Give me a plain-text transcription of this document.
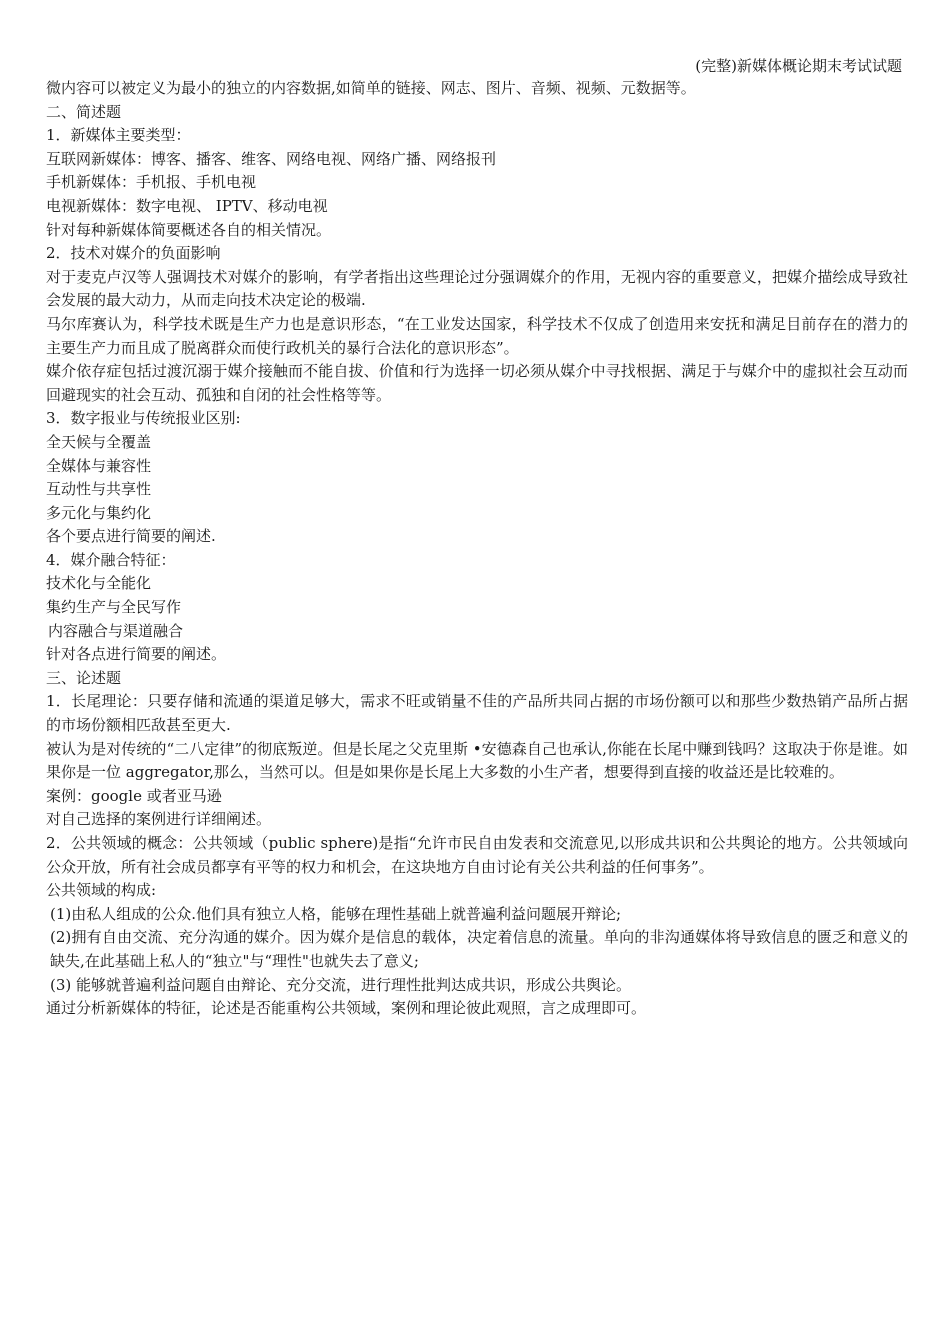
(完整)新媒体概论期末考试试题

微内容可以被定义为最小的独立的内容数据,如简单的链接、网志、图片、音频、视频、元数据等。

二、简述题

1．新媒体主要类型：

互联网新媒体：博客、播客、维客、网络电视、网络广播、网络报刊

手机新媒体：手机报、手机电视

电视新媒体：数字电视、 IPTV、移动电视

针对每种新媒体简要概述各自的相关情况。

2．技术对媒介的负面影响

对于麦克卢汉等人强调技术对媒介的影响，有学者指出这些理论过分强调媒介的作用，无视内容的重要意义，把媒介描绘成导致社会发展的最大动力，从而走向技术决定论的极端.

马尔库赛认为，科学技术既是生产力也是意识形态，“在工业发达国家，科学技术不仅成了创造用来安抚和满足目前存在的潜力的主要生产力而且成了脱离群众而使行政机关的暴行合法化的意识形态”。

媒介依存症包括过渡沉溺于媒介接触而不能自拔、价值和行为选择一切必须从媒介中寻找根据、满足于与媒介中的虚拟社会互动而回避现实的社会互动、孤独和自闭的社会性格等等。

3．数字报业与传统报业区别:

全天候与全覆盖

全媒体与兼容性

互动性与共享性

多元化与集约化

各个要点进行简要的阐述.

4．媒介融合特征：

技术化与全能化

集约生产与全民写作

内容融合与渠道融合

针对各点进行简要的阐述。

三、论述题

1．长尾理论：只要存储和流通的渠道足够大，需求不旺或销量不佳的产品所共同占据的市场份额可以和那些少数热销产品所占据的市场份额相匹敌甚至更大.

被认为是对传统的“二八定律”的彻底叛逆。但是长尾之父克里斯 •安德森自己也承认,你能在长尾中赚到钱吗？这取决于你是谁。如果你是一位 aggregator,那么，当然可以。但是如果你是长尾上大多数的小生产者，想要得到直接的收益还是比较难的。

案例：google 或者亚马逊

对自己选择的案例进行详细阐述。

2．公共领域的概念：公共领域（public sphere)是指“允许市民自由发表和交流意见,以形成共识和公共舆论的地方。公共领域向公众开放，所有社会成员都享有平等的权力和机会，在这块地方自由讨论有关公共利益的任何事务”。

公共领域的构成:

(1)由私人组成的公众.他们具有独立人格，能够在理性基础上就普遍利益问题展开辩论;

(2)拥有自由交流、充分沟通的媒介。因为媒介是信息的载体，决定着信息的流量。单向的非沟通媒体将导致信息的匮乏和意义的缺失,在此基础上私人的“独立"与“理性"也就失去了意义;

(3) 能够就普遍利益问题自由辩论、充分交流，进行理性批判达成共识，形成公共舆论。

通过分析新媒体的特征，论述是否能重构公共领域，案例和理论彼此观照，言之成理即可。
